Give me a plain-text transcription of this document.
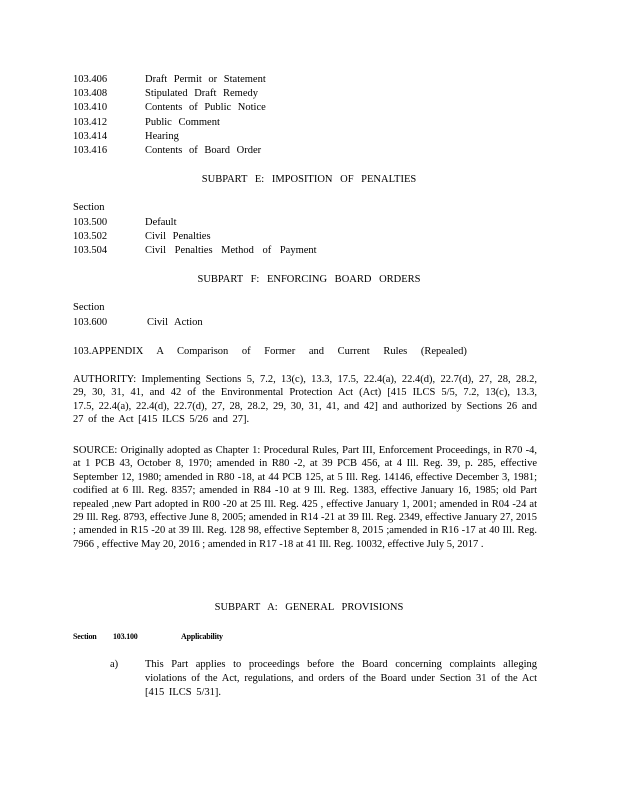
103.406	Draft Permit or Statement
103.408	Stipulated Draft Remedy
103.410	Contents of Public Notice
103.412	Public Comment
103.414	Hearing
103.416	Contents of Board Order
SUBPART E: IMPOSITION OF PENALTIES
Section
103.500	Default
103.502	Civil Penalties
103.504	Civil Penalties Method of Payment
SUBPART F: ENFORCING BOARD ORDERS
Section
103.600	Civil Action
103.APPENDIX A Comparison of Former and Current Rules (Repealed)
AUTHORITY: Implementing Sections 5, 7.2, 13(c), 13.3, 17.5, 22.4(a), 22.4(d), 22.7(d), 27, 28, 28.2, 29, 30, 31, 41, and 42 of the Environmental Protection Act (Act) [415 ILCS 5/5, 7.2, 13(c), 13.3, 17.5, 22.4(a), 22.4(d), 22.7(d), 27, 28, 28.2, 29, 30, 31, 41, and 42] and authorized by Sections 26 and 27 of the Act [415 ILCS 5/26 and 27].
SOURCE: Originally adopted as Chapter 1: Procedural Rules, Part III, Enforcement Proceedings, in R70 -4, at 1 PCB 43, October 8, 1970; amended in R80 -2, at 39 PCB 456, at 4 Ill. Reg. 39, p. 285, effective September 12, 1980; amended in R80 -18, at 44 PCB 125, at 5 Ill. Reg. 14146, effective December 3, 1981; codified at 6 Ill. Reg. 8357; amended in R84 -10 at 9 Ill. Reg. 1383, effective January 16, 1985; old Part repealed ,new Part adopted in R00 -20 at 25 Ill. Reg. 425 , effective January 1, 2001; amended in R04 -24 at 29 Ill. Reg. 8793, effective June 8, 2005; amended in R14 -21 at 39 Ill. Reg. 2349, effective January 27, 2015 ; amended in R15 -20 at 39 Ill. Reg. 128 98, effective September 8, 2015 ;amended in R16 -17 at 40 Ill. Reg. 7966 , effective May 20, 2016 ; amended in R17 -18 at 41 Ill. Reg. 10032, effective July 5, 2017 .
SUBPART A: GENERAL PROVISIONS
Section 103.100	Applicability
a)	This Part applies to proceedings before the Board concerning complaints alleging violations of the Act, regulations, and orders of the Board under Section 31 of the Act [415 ILCS 5/31].
